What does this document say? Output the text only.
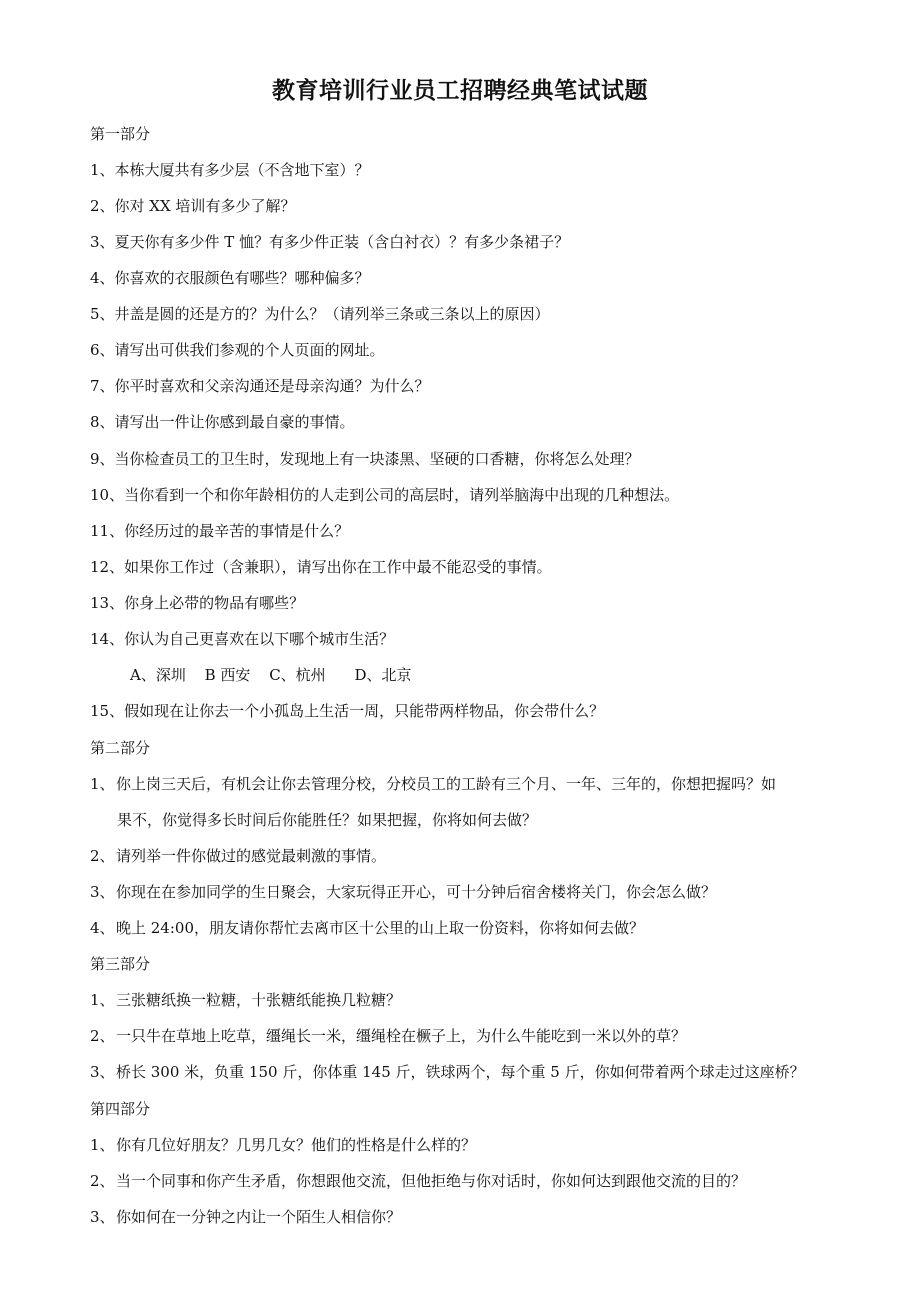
教育培训行业员工招聘经典笔试试题
第一部分
1、本栋大厦共有多少层（不含地下室）？
2、你对 XX 培训有多少了解？
3、夏天你有多少件 T 恤？有多少件正装（含白衬衣）？有多少条裙子？
4、你喜欢的衣服颜色有哪些？哪种偏多？
5、井盖是圆的还是方的？为什么？（请列举三条或三条以上的原因）
6、请写出可供我们参观的个人页面的网址。
7、你平时喜欢和父亲沟通还是母亲沟通？为什么？
8、请写出一件让你感到最自豪的事情。
9、当你检查员工的卫生时，发现地上有一块漆黑、坚硬的口香糖，你将怎么处理？
10、当你看到一个和你年龄相仿的人走到公司的高层时，请列举脑海中出现的几种想法。
11、你经历过的最辛苦的事情是什么？
12、如果你工作过（含兼职），请写出你在工作中最不能忍受的事情。
13、你身上必带的物品有哪些？
14、你认为自己更喜欢在以下哪个城市生活？
A、深圳 B 西安 C、杭州 D、北京
15、假如现在让你去一个小孤岛上生活一周，只能带两样物品，你会带什么？
第二部分
1、你上岗三天后，有机会让你去管理分校，分校员工的工龄有三个月、一年、三年的，你想把握吗？如
果不，你觉得多长时间后你能胜任？如果把握，你将如何去做？
2、请列举一件你做过的感觉最刺激的事情。
3、你现在在参加同学的生日聚会，大家玩得正开心，可十分钟后宿舍楼将关门，你会怎么做？
4、晚上 24:00，朋友请你帮忙去离市区十公里的山上取一份资料，你将如何去做？
第三部分
1、三张糖纸换一粒糖，十张糖纸能换几粒糖？
2、一只牛在草地上吃草，缰绳长一米，缰绳栓在橛子上，为什么牛能吃到一米以外的草？
3、桥长 300 米，负重 150 斤，你体重 145 斤，铁球两个，每个重 5 斤，你如何带着两个球走过这座桥？
第四部分
1、你有几位好朋友？几男几女？他们的性格是什么样的？
2、当一个同事和你产生矛盾，你想跟他交流，但他拒绝与你对话时，你如何达到跟他交流的目的？
3、你如何在一分钟之内让一个陌生人相信你？
